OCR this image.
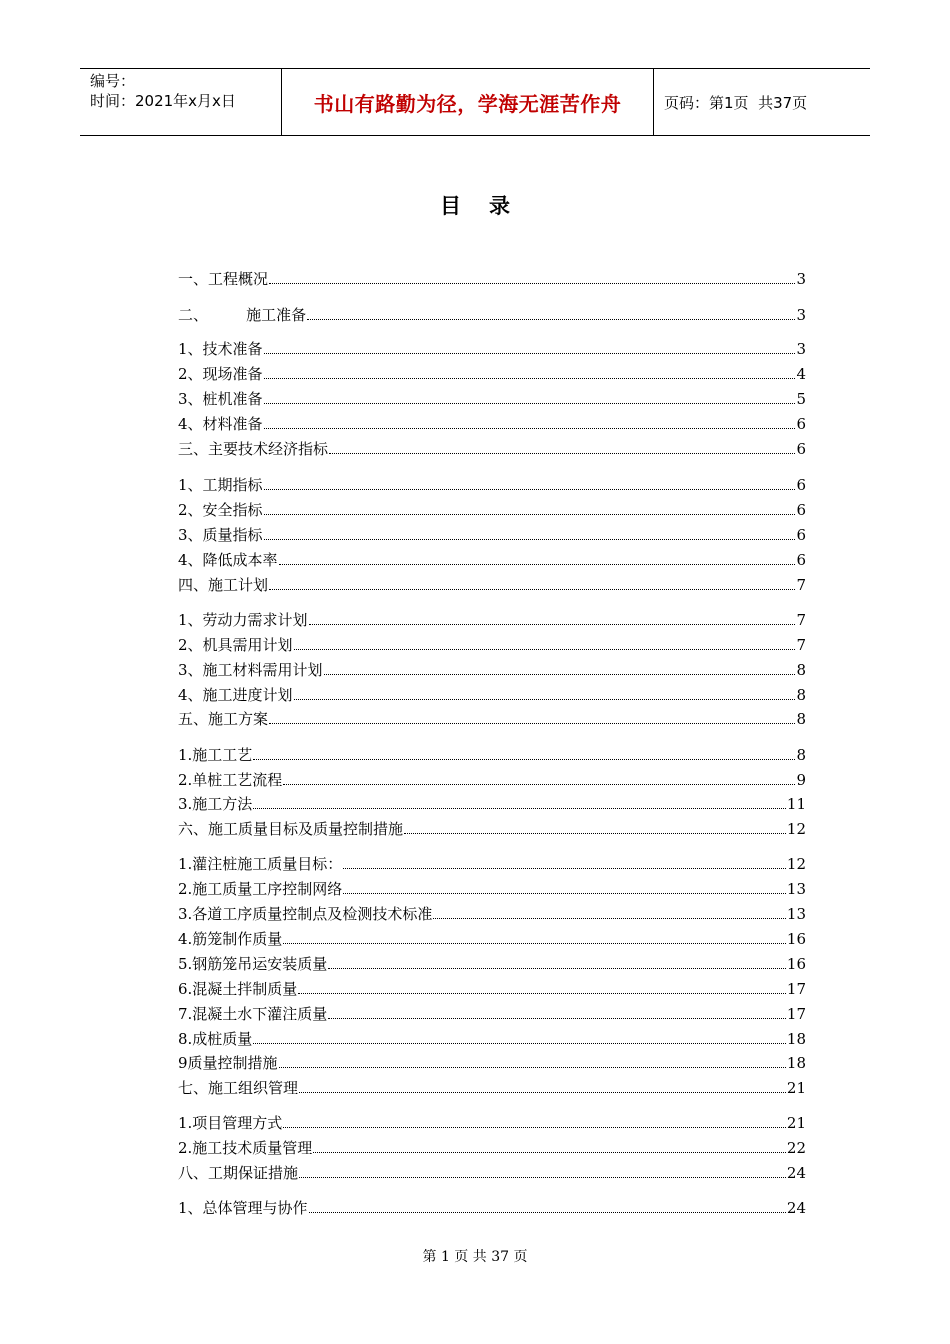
编号：
时间：2021年x月x日	书山有路勤为径，学海无涯苦作舟	页码：第1页  共37页
目录
一、工程概况	3
二、        施工准备	3
1、技术准备	3
2、现场准备	4
3、桩机准备	5
4、材料准备	6
三、主要技术经济指标	6
1、工期指标	6
2、安全指标	6
3、质量指标	6
4、降低成本率	6
四、施工计划	7
1、劳动力需求计划	7
2、机具需用计划	7
3、施工材料需用计划	8
4、施工进度计划	8
五、施工方案	8
1.施工工艺	8
2.单桩工艺流程	9
3.施工方法	11
六、施工质量目标及质量控制措施	12
1.灌注桩施工质量目标：	12
2.施工质量工序控制网络	13
3.各道工序质量控制点及检测技术标准	13
4.筋笼制作质量	16
5.钢筋笼吊运安装质量	16
6.混凝土拌制质量	17
7.混凝土水下灌注质量	17
8.成桩质量	18
9质量控制措施	18
七、施工组织管理	21
1.项目管理方式	21
2.施工技术质量管理	22
八、工期保证措施	24
1、总体管理与协作	24
第 1 页 共 37 页
